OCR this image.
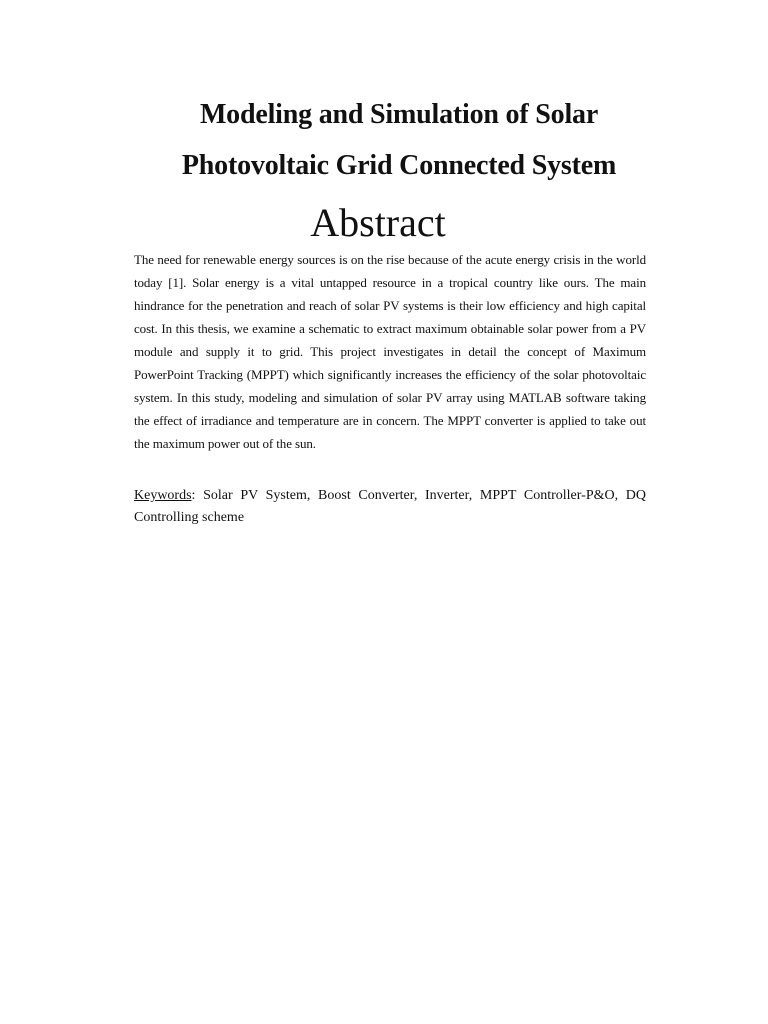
Modeling and Simulation of Solar
Photovoltaic Grid Connected System
Abstract
The need for renewable energy sources is on the rise because of the acute energy crisis in the world today [1]. Solar energy is a vital untapped resource in a tropical country like ours. The main hindrance for the penetration and reach of solar PV systems is their low efficiency and high capital cost. In this thesis, we examine a schematic to extract maximum obtainable solar power from a PV module and supply it to grid. This project investigates in detail the concept of Maximum PowerPoint Tracking (MPPT) which significantly increases the efficiency of the solar photovoltaic system. In this study, modeling and simulation of solar PV array using MATLAB software taking the effect of irradiance and temperature are in concern. The MPPT converter is applied to take out the maximum power out of the sun.
Keywords: Solar PV System, Boost Converter, Inverter, MPPT Controller-P&O, DQ Controlling scheme
